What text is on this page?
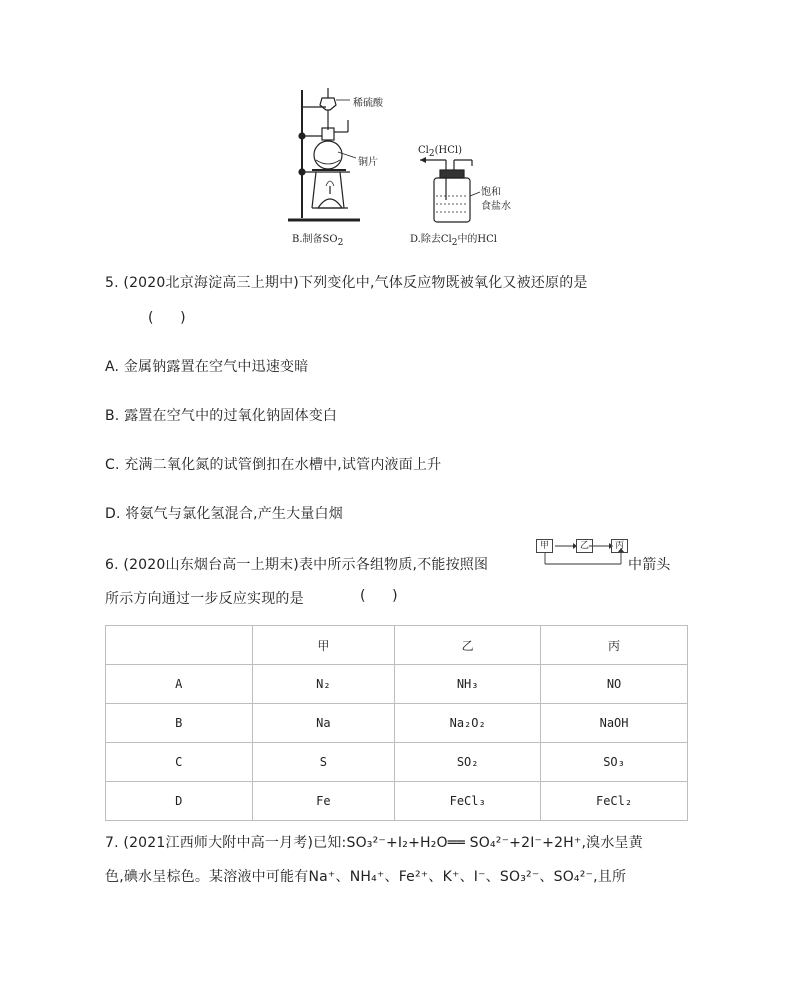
稀硫酸
铜片
B.制备$SO_2$
$Cl_2(HCl)$
饱和
食盐水
D.除去$Cl_2$中的HCl
5. (2020北京海淀高三上期中)下列变化中,气体反应物既被氧化又被还原的是
(      )
A. 金属钠露置在空气中迅速变暗
B. 露置在空气中的过氧化钠固体变白
C. 充满二氧化氮的试管倒扣在水槽中,试管内液面上升
D. 将氨气与氯化氢混合,产生大量白烟
6. (2020山东烟台高一上期末)表中所示各组物质,不能按照图
甲	乙	丙
中箭头
所示方向通过一步反应实现的是	(      )
	甲	乙	丙
A	N₂	NH₃	NO
B	Na	Na₂O₂	NaOH
C	S	SO₂	SO₃
D	Fe	FeCl₃	FeCl₂
7. (2021江西师大附中高一月考)已知:SO₃²⁻+I₂+H₂O══ SO₄²⁻+2I⁻+2H⁺,溴水呈黄
色,碘水呈棕色。某溶液中可能有Na⁺、NH₄⁺、Fe²⁺、K⁺、I⁻、SO₃²⁻、SO₄²⁻,且所
